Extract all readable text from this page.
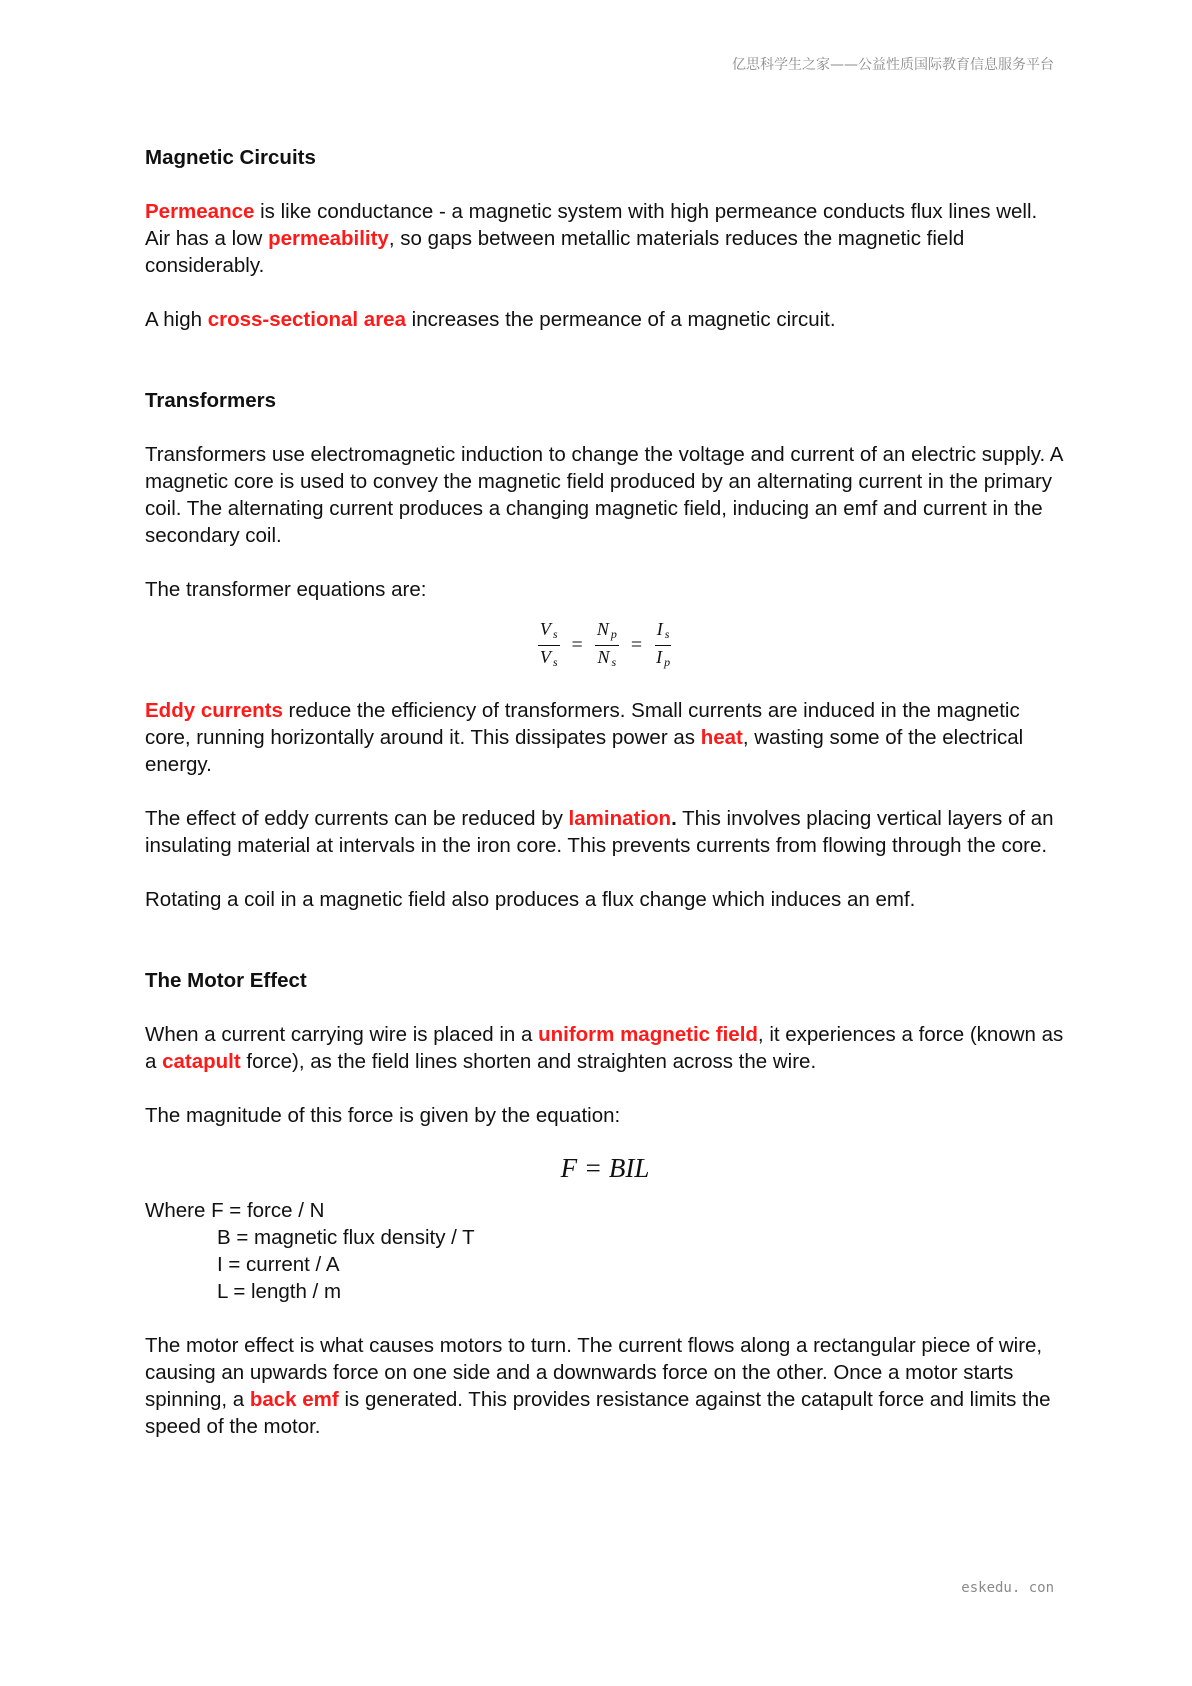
亿思科学生之家——公益性质国际教育信息服务平台
Magnetic Circuits

Permeance is like conductance - a magnetic system with high permeance conducts flux lines well. Air has a low permeability, so gaps between metallic materials reduces the magnetic field considerably.

A high cross-sectional area increases the permeance of a magnetic circuit.

Transformers

Transformers use electromagnetic induction to change the voltage and current of an electric supply. A magnetic core is used to convey the magnetic field produced by an alternating current in the primary coil. The alternating current produces a changing magnetic field, inducing an emf and current in the secondary coil.

The transformer equations are:

$\frac{V _s}{V _s} = \frac{N _p}{N _s} = \frac{I _s}{I _p}$

Eddy currents reduce the efficiency of transformers. Small currents are induced in the magnetic core, running horizontally around it. This dissipates power as heat, wasting some of the electrical energy.

The effect of eddy currents can be reduced by lamination. This involves placing vertical layers of an insulating material at intervals in the iron core. This prevents currents from flowing through the core.

Rotating a coil in a magnetic field also produces a flux change which induces an emf.

The Motor Effect

When a current carrying wire is placed in a uniform magnetic field, it experiences a force (known as a catapult force), as the field lines shorten and straighten across the wire.

The magnitude of this force is given by the equation:

F = BIL

Where F = force / N

B = magnetic flux density / T

I = current / A

L = length / m

The motor effect is what causes motors to turn. The current flows along a rectangular piece of wire, causing an upwards force on one side and a downwards force on the other. Once a motor starts spinning, a back emf is generated. This provides resistance against the catapult force and limits the speed of the motor.

eskedu. con
